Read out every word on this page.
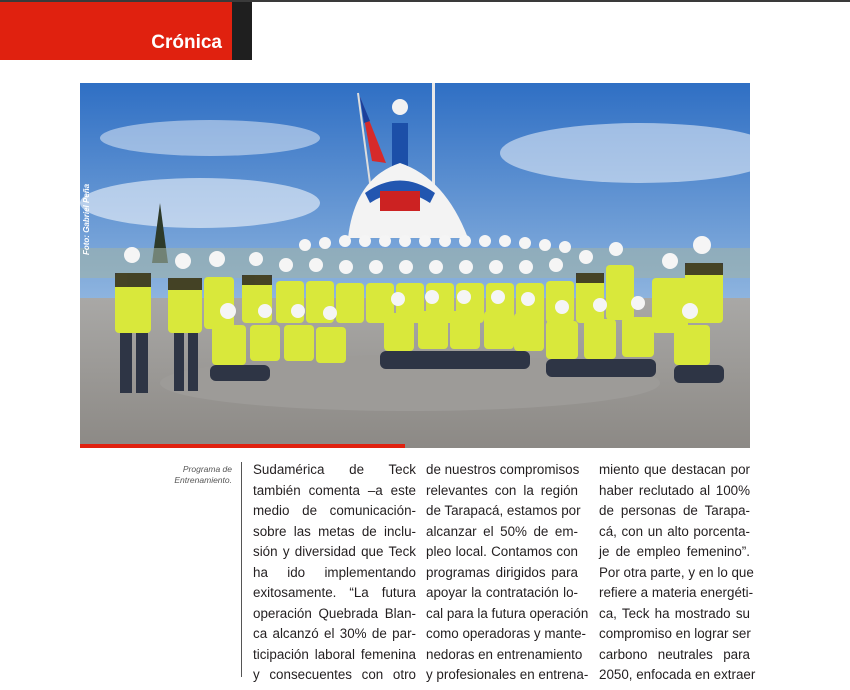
Crónica
Foto: Gabriel Peña
Programa de
Entrenamiento.
Sudamérica de Teck
también comenta –a este
medio de comunicación-
sobre las metas de inclu-
sión y diversidad que Teck
ha ido implementando
exitosamente. “La futura
operación Quebrada Blan-
ca alcanzó el 30% de par-
ticipación laboral femenina
y consecuentes con otro
de nuestros compromisos
relevantes con la región
de Tarapacá, estamos por
alcanzar el 50% de em-
pleo local. Contamos con
programas dirigidos para
apoyar la contratación lo-
cal para la futura operación
como operadoras y mante-
nedoras en entrenamiento
y profesionales en entrena-
miento que destacan por
haber reclutado al 100%
de personas de Tarapa-
cá, con un alto porcenta-
je de empleo femenino”.
Por otra parte, y en lo que
refiere a materia energéti-
ca, Teck ha mostrado su
compromiso en lograr ser
carbono neutrales para
2050, enfocada en extraer
